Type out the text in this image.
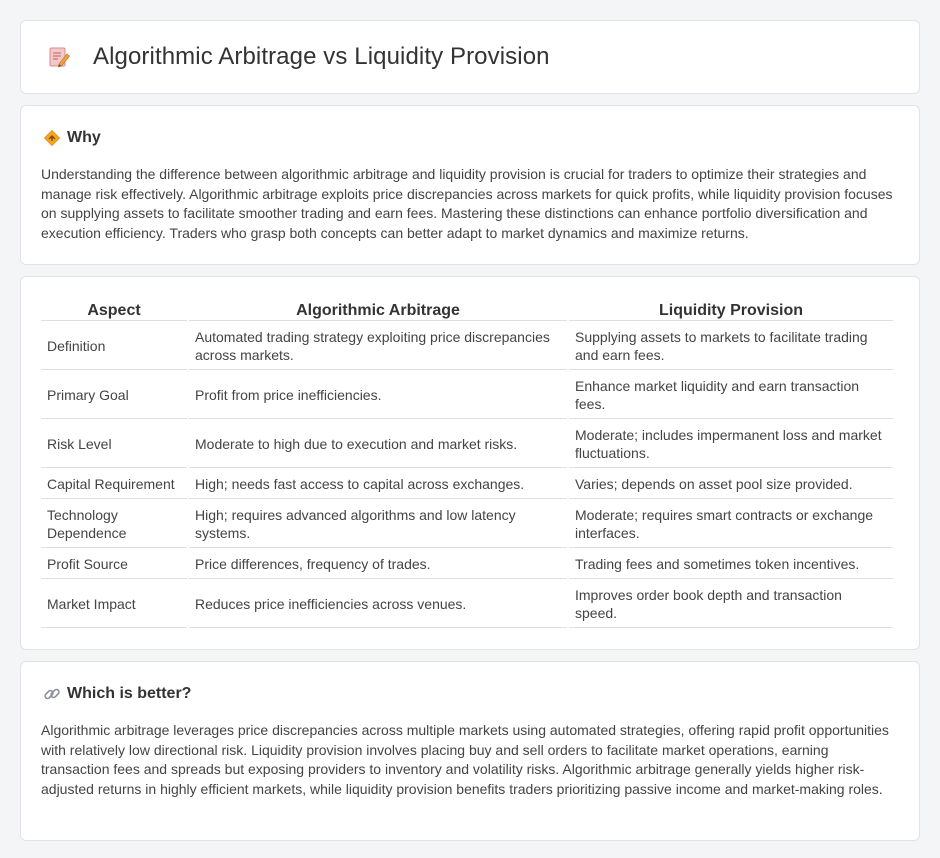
Algorithmic Arbitrage vs Liquidity Provision
Why

Understanding the difference between algorithmic arbitrage and liquidity provision is crucial for traders to optimize their strategies and manage risk effectively. Algorithmic arbitrage exploits price discrepancies across markets for quick profits, while liquidity provision focuses on supplying assets to facilitate smoother trading and earn fees. Mastering these distinctions can enhance portfolio diversification and execution efficiency. Traders who grasp both concepts can better adapt to market dynamics and maximize returns.

Aspect	Algorithmic Arbitrage	Liquidity Provision
Definition	Automated trading strategy exploiting price discrepancies across markets.	Supplying assets to markets to facilitate trading and earn fees.
Primary Goal	Profit from price inefficiencies.	Enhance market liquidity and earn transaction fees.
Risk Level	Moderate to high due to execution and market risks.	Moderate; includes impermanent loss and market fluctuations.
Capital Requirement	High; needs fast access to capital across exchanges.	Varies; depends on asset pool size provided.
Technology Dependence	High; requires advanced algorithms and low latency systems.	Moderate; requires smart contracts or exchange interfaces.
Profit Source	Price differences, frequency of trades.	Trading fees and sometimes token incentives.
Market Impact	Reduces price inefficiencies across venues.	Improves order book depth and transaction speed.
Which is better?

Algorithmic arbitrage leverages price discrepancies across multiple markets using automated strategies, offering rapid profit opportunities with relatively low directional risk. Liquidity provision involves placing buy and sell orders to facilitate market operations, earning transaction fees and spreads but exposing providers to inventory and volatility risks. Algorithmic arbitrage generally yields higher risk-adjusted returns in highly efficient markets, while liquidity provision benefits traders prioritizing passive income and market-making roles.
